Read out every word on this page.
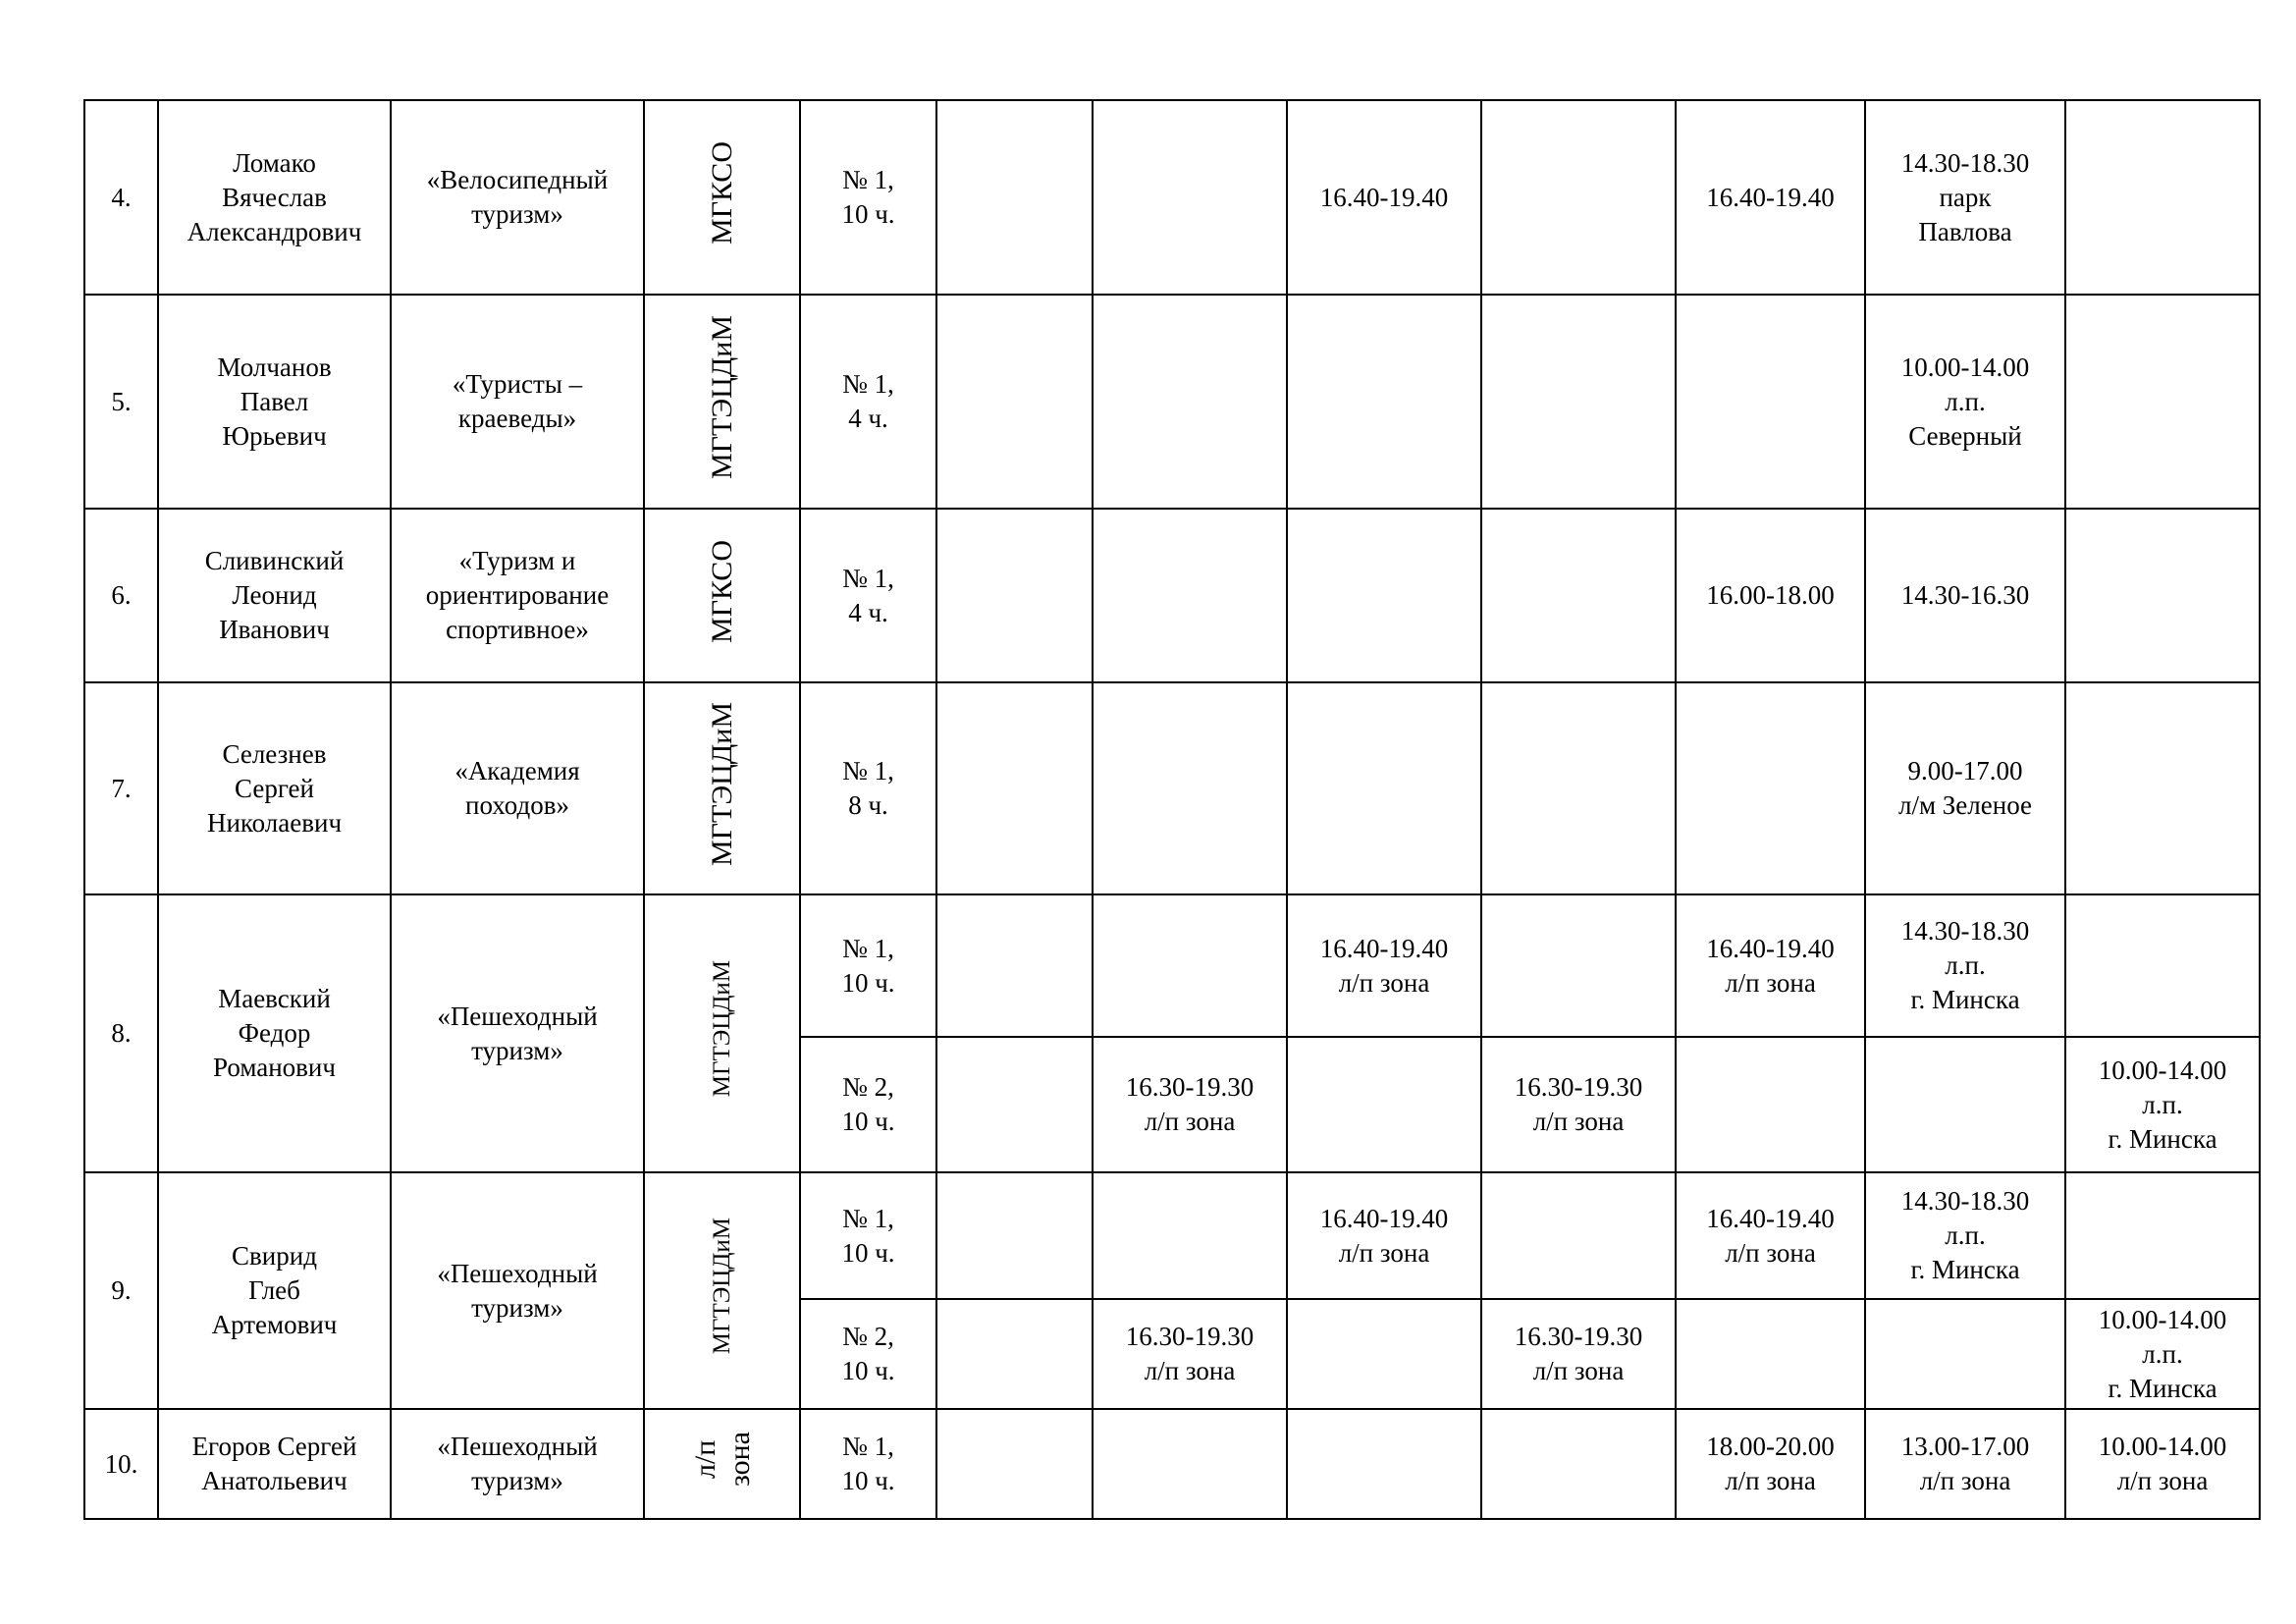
4.	Ломако
Вячеслав
Александрович	«Велосипедный
туризм»	МГКСО	№ 1,
10 ч.			16.40-19.40		16.40-19.40	14.30-18.30
парк
Павлова	
5.	Молчанов
Павел
Юрьевич	«Туристы –
краеведы»	МГТЭЦДиМ	№ 1,
4 ч.						10.00-14.00
л.п.
Северный	
6.	Сливинский
Леонид
Иванович	«Туризм и
ориентирование
спортивное»	МГКСО	№ 1,
4 ч.					16.00-18.00	14.30-16.30	
7.	Селезнев
Сергей
Николаевич	«Академия
походов»	МГТЭЦДиМ	№ 1,
8 ч.						9.00-17.00
л/м Зеленое	
8.	Маевский
Федор
Романович	«Пешеходный
туризм»	МГТЭЦДиМ	№ 1,
10 ч.			16.40-19.40
л/п зона		16.40-19.40
л/п зона	14.30-18.30
л.п.
г. Минска	
				№ 2,
10 ч.		16.30-19.30
л/п зона		16.30-19.30
л/п зона			10.00-14.00
л.п.
г. Минска
9.	Свирид
Глеб
Артемович	«Пешеходный
туризм»	МГТЭЦДиМ	№ 1,
10 ч.			16.40-19.40
л/п зона		16.40-19.40
л/п зона	14.30-18.30
л.п.
г. Минска	
				№ 2,
10 ч.		16.30-19.30
л/п зона		16.30-19.30
л/п зона			10.00-14.00
л.п.
г. Минска
10.	Егоров Сергей
Анатольевич	«Пешеходный
туризм»	л/п
зона	№ 1,
10 ч.					18.00-20.00
л/п зона	13.00-17.00
л/п зона	10.00-14.00
л/п зона
